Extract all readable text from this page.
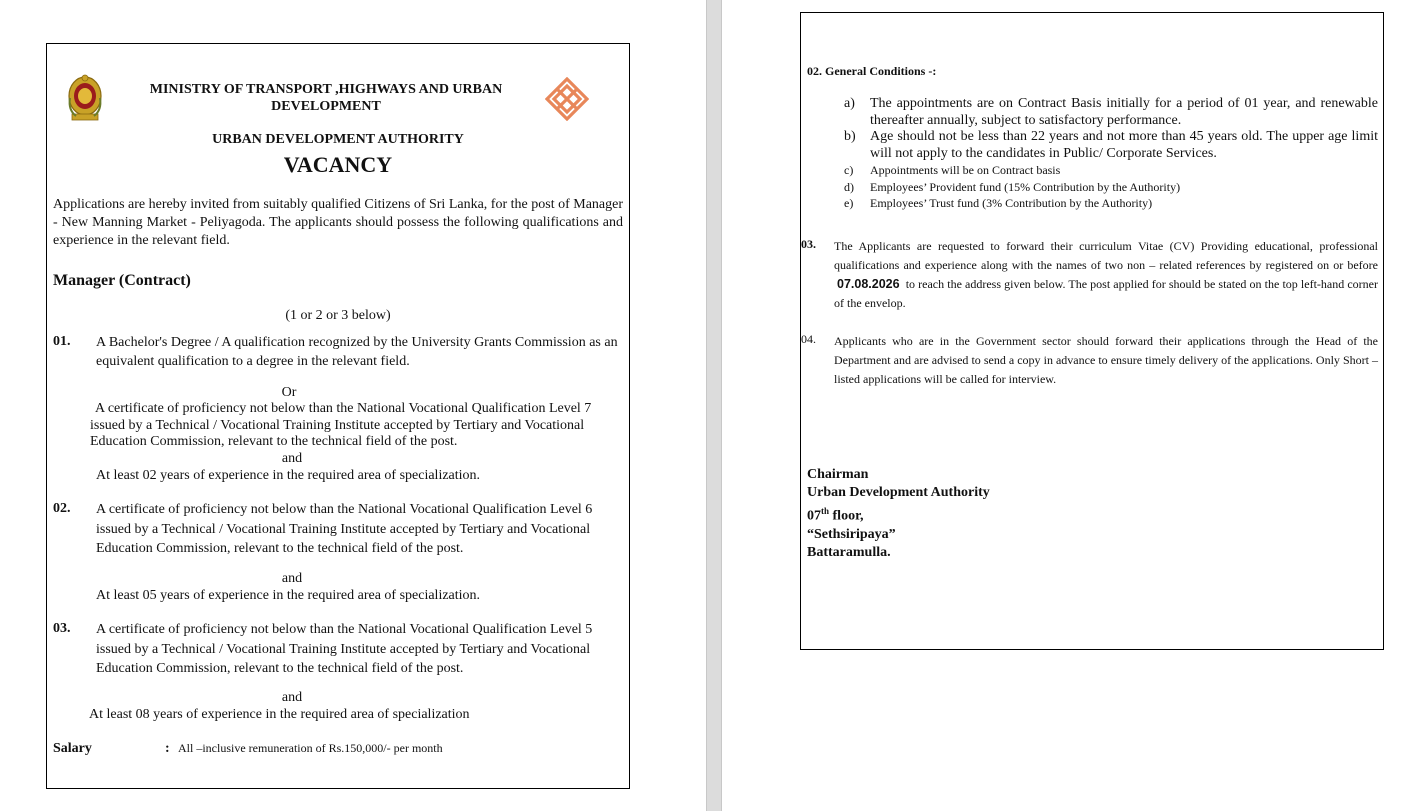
MINISTRY OF TRANSPORT ,HIGHWAYS AND URBAN DEVELOPMENT
URBAN DEVELOPMENT AUTHORITY
VACANCY
Applications are hereby invited from suitably qualified Citizens of Sri Lanka, for the post of Manager - New Manning Market - Peliyagoda. The applicants should possess the following qualifications and experience in the relevant field.
Manager (Contract)
(1 or 2 or 3 below)
01. A Bachelor's Degree / A qualification recognized by the University Grants Commission as an equivalent qualification to a degree in the relevant field.
Or
A certificate of proficiency not below than the National Vocational Qualification Level 7 issued by a Technical / Vocational Training Institute accepted by Tertiary and Vocational Education Commission, relevant to the technical field of the post.
and
At least 02 years of experience in the required area of specialization.
02. A certificate of proficiency not below than the National Vocational Qualification Level 6 issued by a Technical / Vocational Training Institute accepted by Tertiary and Vocational Education Commission, relevant to the technical field of the post.
and
At least 05 years of experience in the required area of specialization.
03. A certificate of proficiency not below than the National Vocational Qualification Level 5 issued by a Technical / Vocational Training Institute accepted by Tertiary and Vocational Education Commission, relevant to the technical field of the post.
and
At least 08 years of experience in the required area of specialization
Salary	: All –inclusive remuneration of Rs.150,000/- per month
02. General Conditions -:
a) The appointments are on Contract Basis initially for a period of 01 year, and renewable thereafter annually, subject to satisfactory performance.
b) Age should not be less than 22 years and not more than 45 years old. The upper age limit will not apply to the candidates in Public/ Corporate Services.
c) Appointments will be on Contract basis
d) Employees’ Provident fund (15% Contribution by the Authority)
e) Employees’ Trust fund (3% Contribution by the Authority)
03. The Applicants are requested to forward their curriculum Vitae (CV) Providing educational, professional qualifications and experience along with the names of two non – related references by registered on or before 07.08.2026 to reach the address given below. The post applied for should be stated on the top left-hand corner of the envelop.
04. Applicants who are in the Government sector should forward their applications through the Head of the Department and are advised to send a copy in advance to ensure timely delivery of the applications. Only Short – listed applications will be called for interview.
Chairman
Urban Development Authority
07th floor,
“Sethsiripaya”
Battaramulla.
